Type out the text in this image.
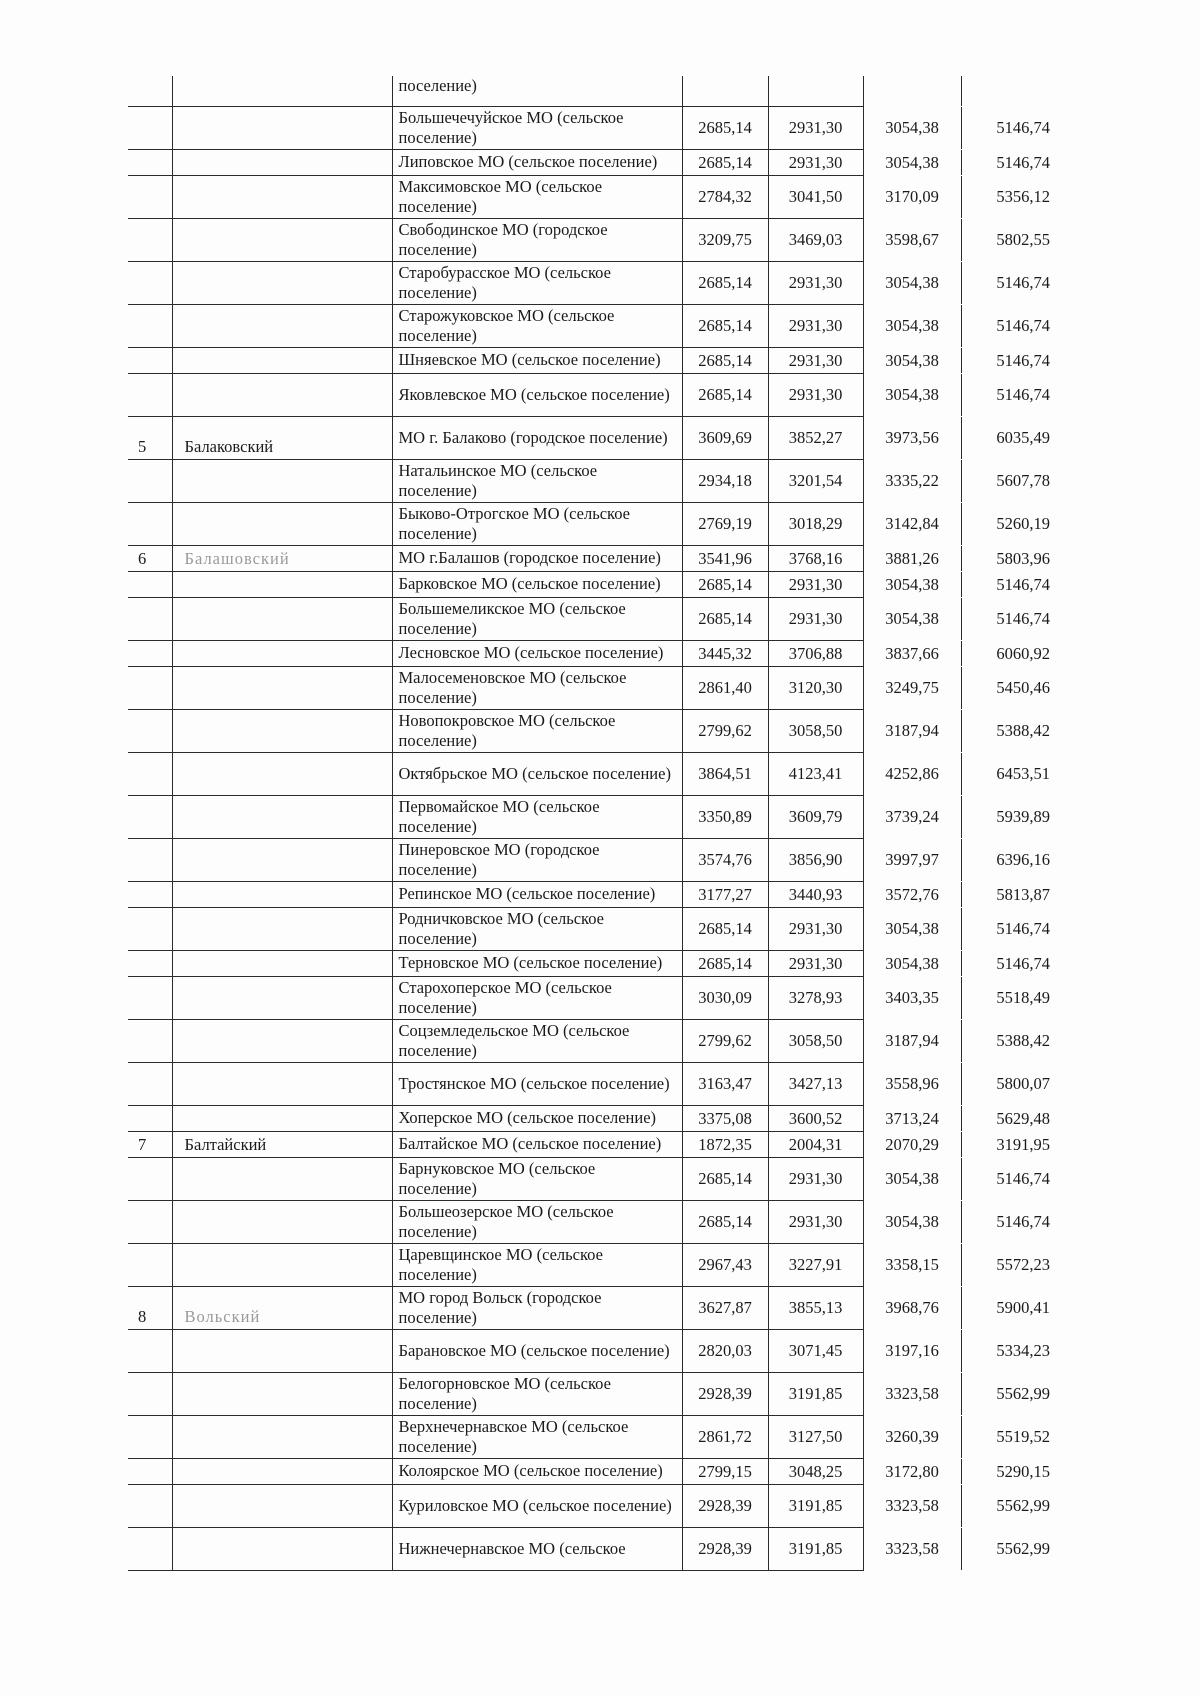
		поселение)				
		Большечечуйское МО (сельское поселение)	2685,14	2931,30	3054,38	5146,74
		Липовское МО (сельское поселение)	2685,14	2931,30	3054,38	5146,74
		Максимовское МО (сельское поселение)	2784,32	3041,50	3170,09	5356,12
		Свободинское МО (городское поселение)	3209,75	3469,03	3598,67	5802,55
		Старобурасское МО (сельское поселение)	2685,14	2931,30	3054,38	5146,74
		Старожуковское МО (сельское поселение)	2685,14	2931,30	3054,38	5146,74
		Шняевское МО (сельское поселение)	2685,14	2931,30	3054,38	5146,74
		Яковлевское МО (сельское поселение)	2685,14	2931,30	3054,38	5146,74
5	Балаковский	МО г. Балаково (городское поселение)	3609,69	3852,27	3973,56	6035,49
		Натальинское МО (сельское поселение)	2934,18	3201,54	3335,22	5607,78
		Быково-Отрогское МО (сельское поселение)	2769,19	3018,29	3142,84	5260,19
6	Балашовский	МО г.Балашов (городское поселение)	3541,96	3768,16	3881,26	5803,96
		Барковское МО (сельское поселение)	2685,14	2931,30	3054,38	5146,74
		Большемеликское МО (сельское поселение)	2685,14	2931,30	3054,38	5146,74
		Лесновское МО (сельское поселение)	3445,32	3706,88	3837,66	6060,92
		Малосеменовское МО (сельское поселение)	2861,40	3120,30	3249,75	5450,46
		Новопокровское МО (сельское поселение)	2799,62	3058,50	3187,94	5388,42
		Октябрьское МО (сельское поселение)	3864,51	4123,41	4252,86	6453,51
		Первомайское МО (сельское поселение)	3350,89	3609,79	3739,24	5939,89
		Пинеровское МО (городское поселение)	3574,76	3856,90	3997,97	6396,16
		Репинское МО (сельское поселение)	3177,27	3440,93	3572,76	5813,87
		Родничковское МО (сельское поселение)	2685,14	2931,30	3054,38	5146,74
		Терновское МО (сельское поселение)	2685,14	2931,30	3054,38	5146,74
		Старохоперское МО (сельское поселение)	3030,09	3278,93	3403,35	5518,49
		Соцземледельское МО (сельское поселение)	2799,62	3058,50	3187,94	5388,42
		Тростянское МО (сельское поселение)	3163,47	3427,13	3558,96	5800,07
		Хоперское МО (сельское поселение)	3375,08	3600,52	3713,24	5629,48
7	Балтайский	Балтайское МО (сельское поселение)	1872,35	2004,31	2070,29	3191,95
		Барнуковское МО (сельское поселение)	2685,14	2931,30	3054,38	5146,74
		Большеозерское МО (сельское поселение)	2685,14	2931,30	3054,38	5146,74
		Царевщинское МО (сельское поселение)	2967,43	3227,91	3358,15	5572,23
8	Вольский	МО город Вольск (городское поселение)	3627,87	3855,13	3968,76	5900,41
		Барановское МО (сельское поселение)	2820,03	3071,45	3197,16	5334,23
		Белогорновское МО (сельское поселение)	2928,39	3191,85	3323,58	5562,99
		Верхнечернавское МО (сельское поселение)	2861,72	3127,50	3260,39	5519,52
		Колоярское МО (сельское поселение)	2799,15	3048,25	3172,80	5290,15
		Куриловское МО (сельское поселение)	2928,39	3191,85	3323,58	5562,99
		Нижнечернавское МО (сельское	2928,39	3191,85	3323,58	5562,99
